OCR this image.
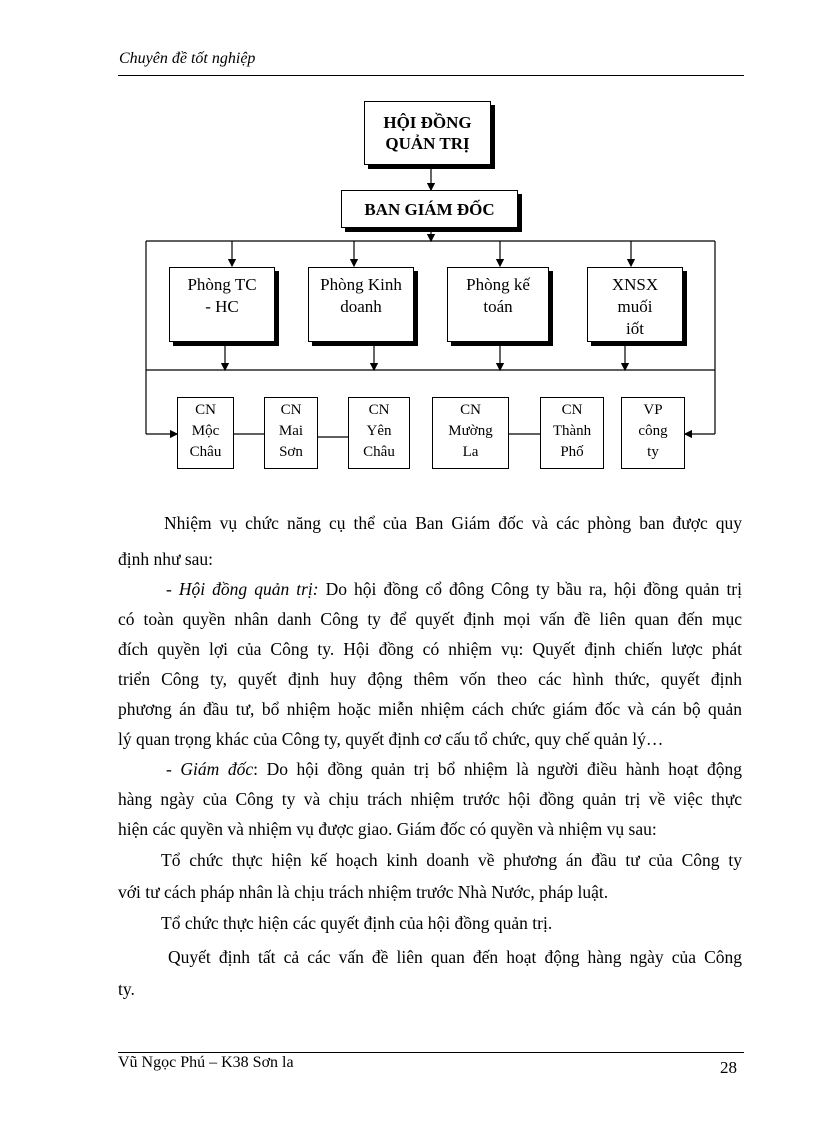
Chuyên đề tốt nghiệp
HỘI ĐỒNG
QUẢN TRỊ
BAN GIÁM ĐỐC
Phòng TC
- HC
Phòng Kinh
doanh
Phòng kế
toán
XNSX
muối
iốt
CN
Mộc
Châu
CN
Mai
Sơn
CN
Yên
Châu
CN
Mường
La
CN
Thành
Phố
VP
công
ty
Nhiệm vụ chức năng cụ thể của Ban Giám đốc và các phòng ban được quy
định như sau:
- Hội đồng quản trị: Do hội đồng cổ đông Công ty bầu ra, hội đồng quản trị
có toàn quyền nhân danh Công ty để quyết định mọi vấn đề liên quan đến mục
đích quyền lợi của Công ty. Hội đồng có nhiệm vụ: Quyết định chiến lược phát
triển Công ty, quyết định huy động thêm vốn theo các hình thức, quyết định
phương án đầu tư, bổ nhiệm hoặc miễn nhiệm cách chức giám đốc và cán bộ quản
lý quan trọng khác của Công ty, quyết định cơ cấu tổ chức, quy chế quản lý…
- Giám đốc: Do hội đồng quản trị bổ nhiệm là người điều hành hoạt động
hàng ngày của Công ty và chịu trách nhiệm trước hội đồng quản trị về việc thực
hiện các quyền và nhiệm vụ được giao. Giám đốc có quyền và nhiệm vụ sau:
Tổ chức thực hiện kế hoạch kinh doanh về phương án đầu tư của Công ty
với tư cách pháp nhân là chịu trách nhiệm trước Nhà Nước, pháp luật.
Tổ chức thực hiện các quyết định của hội đồng quản trị.
Quyết định tất cả các vấn đề liên quan đến hoạt động hàng ngày của Công
ty.
Vũ Ngọc Phú – K38 Sơn la	28
